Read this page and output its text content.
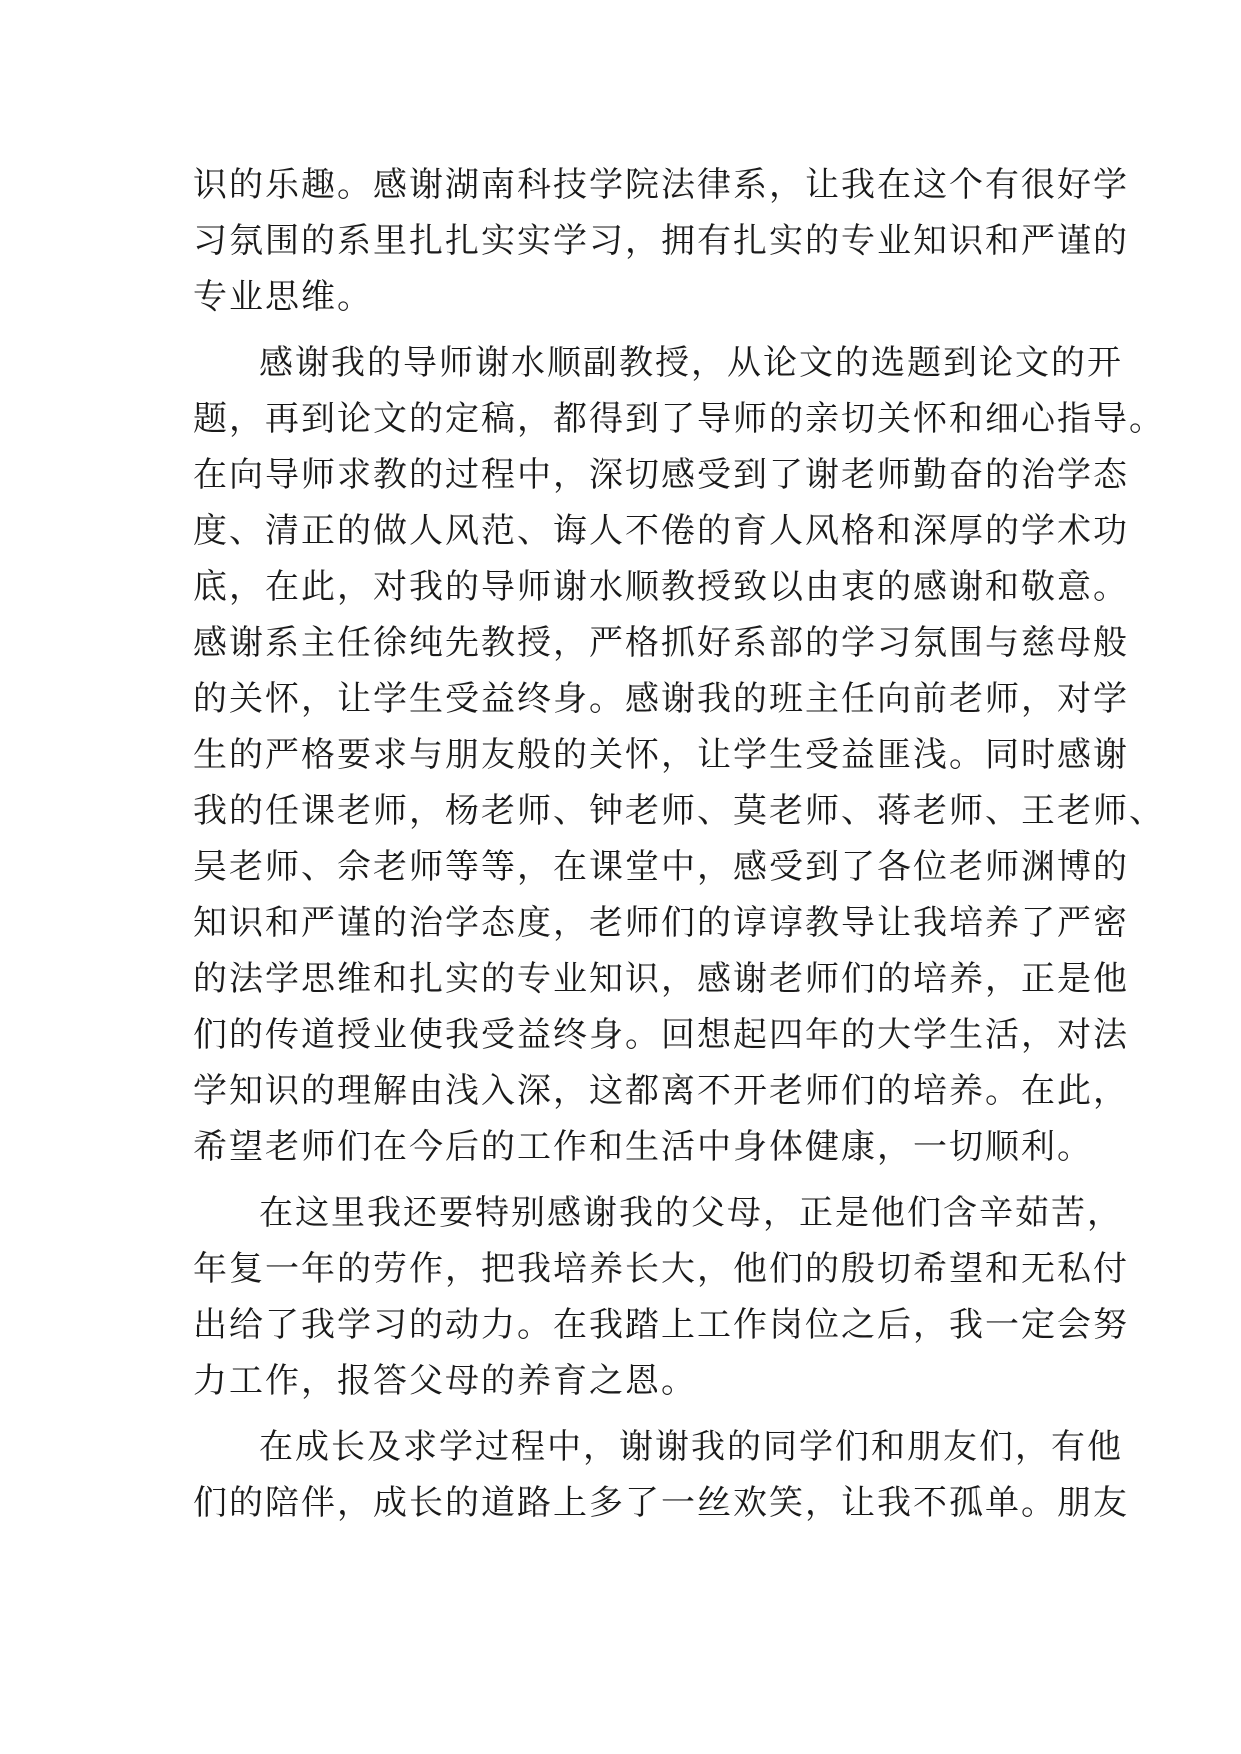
识的乐趣。感谢湖南科技学院法律系，让我在这个有很好学
习氛围的系里扎扎实实学习，拥有扎实的专业知识和严谨的
专业思维。
感谢我的导师谢水顺副教授，从论文的选题到论文的开
题，再到论文的定稿，都得到了导师的亲切关怀和细心指导。
在向导师求教的过程中，深切感受到了谢老师勤奋的治学态
度、清正的做人风范、诲人不倦的育人风格和深厚的学术功
底，在此，对我的导师谢水顺教授致以由衷的感谢和敬意。
感谢系主任徐纯先教授，严格抓好系部的学习氛围与慈母般
的关怀，让学生受益终身。感谢我的班主任向前老师，对学
生的严格要求与朋友般的关怀，让学生受益匪浅。同时感谢
我的任课老师，杨老师、钟老师、莫老师、蒋老师、王老师、
吴老师、佘老师等等，在课堂中，感受到了各位老师渊博的
知识和严谨的治学态度，老师们的谆谆教导让我培养了严密
的法学思维和扎实的专业知识，感谢老师们的培养，正是他
们的传道授业使我受益终身。回想起四年的大学生活，对法
学知识的理解由浅入深，这都离不开老师们的培养。在此，
希望老师们在今后的工作和生活中身体健康，一切顺利。
在这里我还要特别感谢我的父母，正是他们含辛茹苦，
年复一年的劳作，把我培养长大，他们的殷切希望和无私付
出给了我学习的动力。在我踏上工作岗位之后，我一定会努
力工作，报答父母的养育之恩。
在成长及求学过程中，谢谢我的同学们和朋友们，有他
们的陪伴，成长的道路上多了一丝欢笑，让我不孤单。朋友
